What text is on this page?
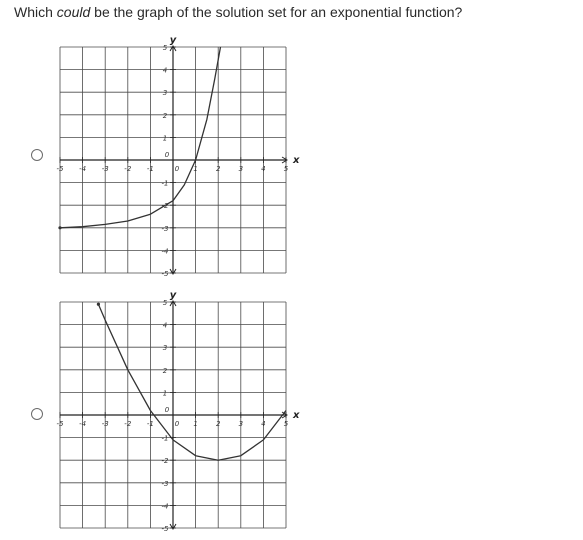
Which could be the graph of the solution set for an exponential function?
-5 -4 -3 -2 -1	0 1	2	3	4	5
-5
-4
-3
-2
-1
1
2
3
4
5
0	x
y
-5 -4 -3 -2 -1	0 1	2	3	4	5
-5
-4
-3
-2
-1
1
2
3
4
5
0	x
y
